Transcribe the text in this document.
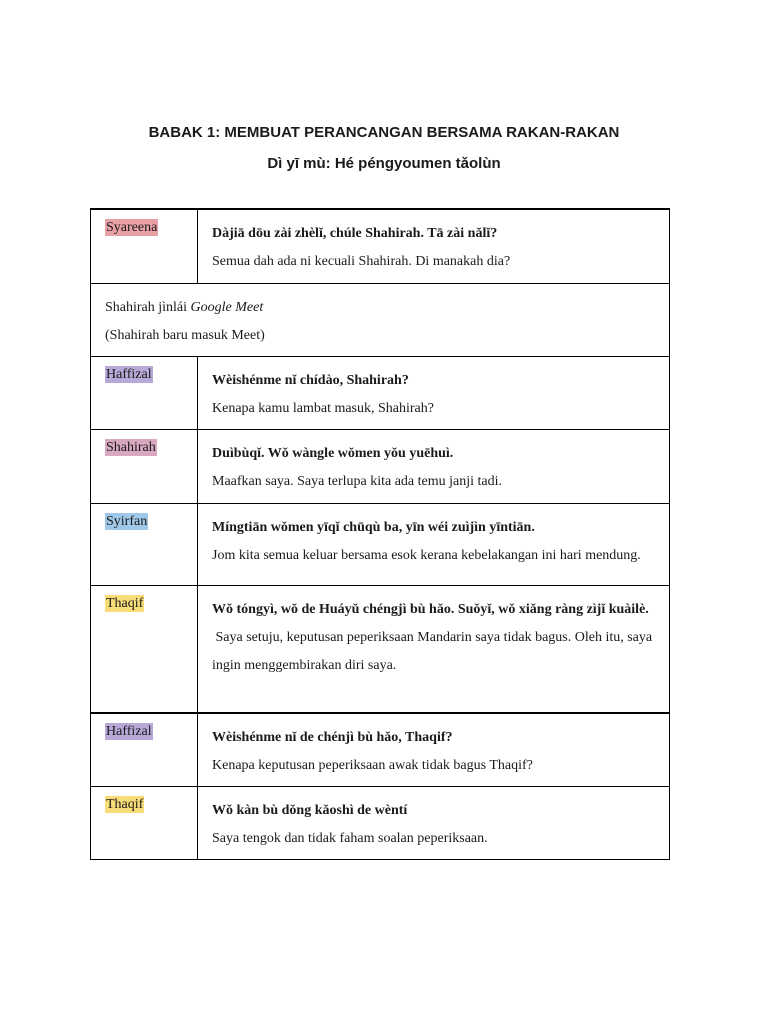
BABAK 1: MEMBUAT PERANCANGAN BERSAMA RAKAN-RAKAN
Dì yī mù: Hé péngyoumen tǎolùn
Syareena	Dàjiā dōu zài zhèlǐ, chúle Shahirah. Tā zài nǎlǐ?
Semua dah ada ni kecuali Shahirah. Di manakah dia?

Shahirah jìnlái Google Meet
(Shahirah baru masuk Meet)	

Haffizal	Wèishénme nǐ chídào, Shahirah?
Kenapa kamu lambat masuk, Shahirah?

Shahirah	Duìbùqǐ. Wǒ wàngle wǒmen yǒu yuēhuì.
Maafkan saya. Saya terlupa kita ada temu janji tadi.

Syirfan	Míngtiān wǒmen yīqǐ chūqù ba, yīn wéi zuìjìn yīntiān.
Jom kita semua keluar bersama esok kerana kebelakangan ini hari mendung.

Thaqif	Wǒ tóngyì, wǒ de Huáyǔ chéngjì bù hǎo. Suǒyǐ, wǒ xiǎng ràng zìjǐ kuàilè.
Saya setuju, keputusan peperiksaan Mandarin saya tidak bagus. Oleh itu, saya ingin menggembirakan diri saya.

Haffizal	Wèishénme nǐ de chénjì bù hǎo, Thaqif?
Kenapa keputusan peperiksaan awak tidak bagus Thaqif?

Thaqif	Wǒ kàn bù dǒng kǎoshì de wèntí
Saya tengok dan tidak faham soalan peperiksaan.
